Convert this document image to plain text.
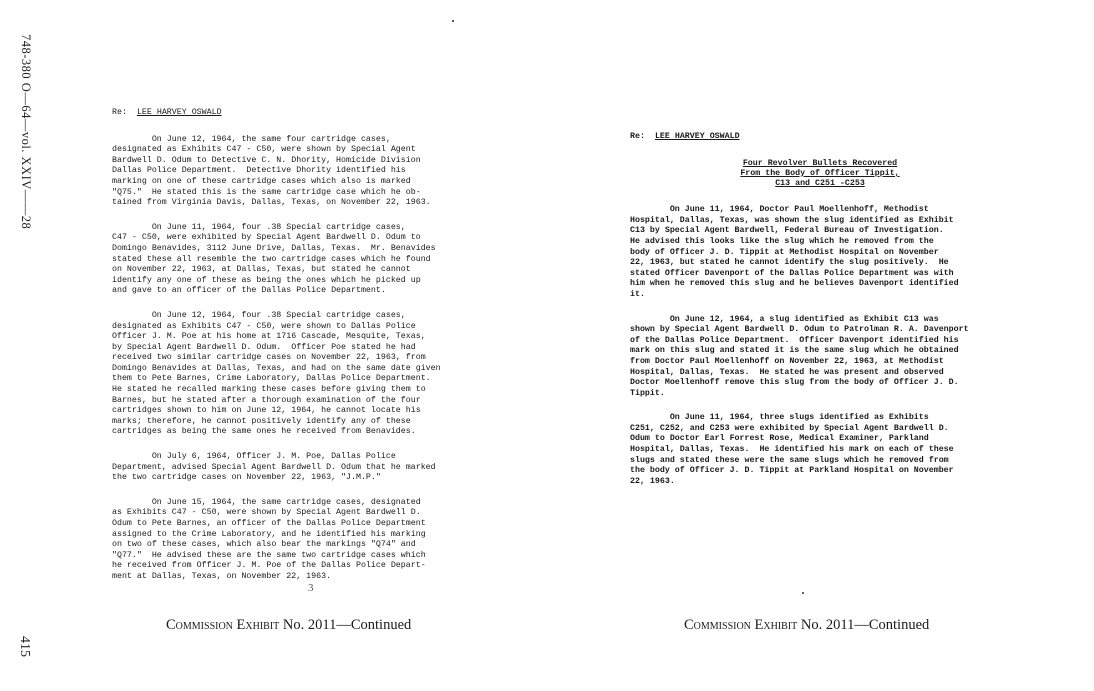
748-380 O—64—vol. XXIV——28
415
Re: LEE HARVEY OSWALD

On June 12, 1964, the same four cartridge cases,
designated as Exhibits C47 - C50, were shown by Special Agent
Bardwell D. Odum to Detective C. N. Dhority, Homicide Division
Dallas Police Department.  Detective Dhority identified his
marking on one of these cartridge cases which also is marked
"Q75."  He stated this is the same cartridge case which he ob-
tained from Virginia Davis, Dallas, Texas, on November 22, 1963.

On June 11, 1964, four .38 Special cartridge cases,
C47 - C50, were exhibited by Special Agent Bardwell D. Odum to
Domingo Benavides, 3112 June Drive, Dallas, Texas.  Mr. Benavides
stated these all resemble the two cartridge cases which he found
on November 22, 1963, at Dallas, Texas, but stated he cannot
identify any one of these as being the ones which he picked up
and gave to an officer of the Dallas Police Department.

On June 12, 1964, four .38 Special cartridge cases,
designated as Exhibits C47 - C50, were shown to Dallas Police
Officer J. M. Poe at his home at 1716 Cascade, Mesquite, Texas,
by Special Agent Bardwell D. Odum.  Officer Poe stated he had
received two similar cartridge cases on November 22, 1963, from
Domingo Benavides at Dallas, Texas, and had on the same date given
them to Pete Barnes, Crime Laboratory, Dallas Police Department.
He stated he recalled marking these cases before giving them to
Barnes, but he stated after a thorough examination of the four
cartridges shown to him on June 12, 1964, he cannot locate his
marks; therefore, he cannot positively identify any of these
cartridges as being the same ones he received from Benavides.

On July 6, 1964, Officer J. M. Poe, Dallas Police
Department, advised Special Agent Bardwell D. Odum that he marked
the two cartridge cases on November 22, 1963, "J.M.P."

On June 15, 1964, the same cartridge cases, designated
as Exhibits C47 - C50, were shown by Special Agent Bardwell D.
Odum to Pete Barnes, an officer of the Dallas Police Department
assigned to the Crime Laboratory, and he identified his marking
on two of these cases, which also bear the markings "Q74" and
"Q77."  He advised these are the same two cartridge cases which
he received from Officer J. M. Poe of the Dallas Police Depart-
ment at Dallas, Texas, on November 22, 1963.

3
Commission Exhibit No. 2011—Continued
Re: LEE HARVEY OSWALD
Four Revolver Bullets Recovered
From the Body of Officer Tippit,
C13 and C251 -C253

On June 11, 1964, Doctor Paul Moellenhoff, Methodist
Hospital, Dallas, Texas, was shown the slug identified as Exhibit
C13 by Special Agent Bardwell, Federal Bureau of Investigation.
He advised this looks like the slug which he removed from the
body of Officer J. D. Tippit at Methodist Hospital on November
22, 1963, but stated he cannot identify the slug positively.  He
stated Officer Davenport of the Dallas Police Department was with
him when he removed this slug and he believes Davenport identified
it.

On June 12, 1964, a slug identified as Exhibit C13 was
shown by Special Agent Bardwell D. Odum to Patrolman R. A. Davenport
of the Dallas Police Department.  Officer Davenport identified his
mark on this slug and stated it is the same slug which he obtained
from Doctor Paul Moellenhoff on November 22, 1963, at Methodist
Hospital, Dallas, Texas.  He stated he was present and observed
Doctor Moellenhoff remove this slug from the body of Officer J. D.
Tippit.

On June 11, 1964, three slugs identified as Exhibits
C251, C252, and C253 were exhibited by Special Agent Bardwell D.
Odum to Doctor Earl Forrest Rose, Medical Examiner, Parkland
Hospital, Dallas, Texas.  He identified his mark on each of these
slugs and stated these were the same slugs which he removed from
the body of Officer J. D. Tippit at Parkland Hospital on November
22, 1963.

Commission Exhibit No. 2011—Continued
